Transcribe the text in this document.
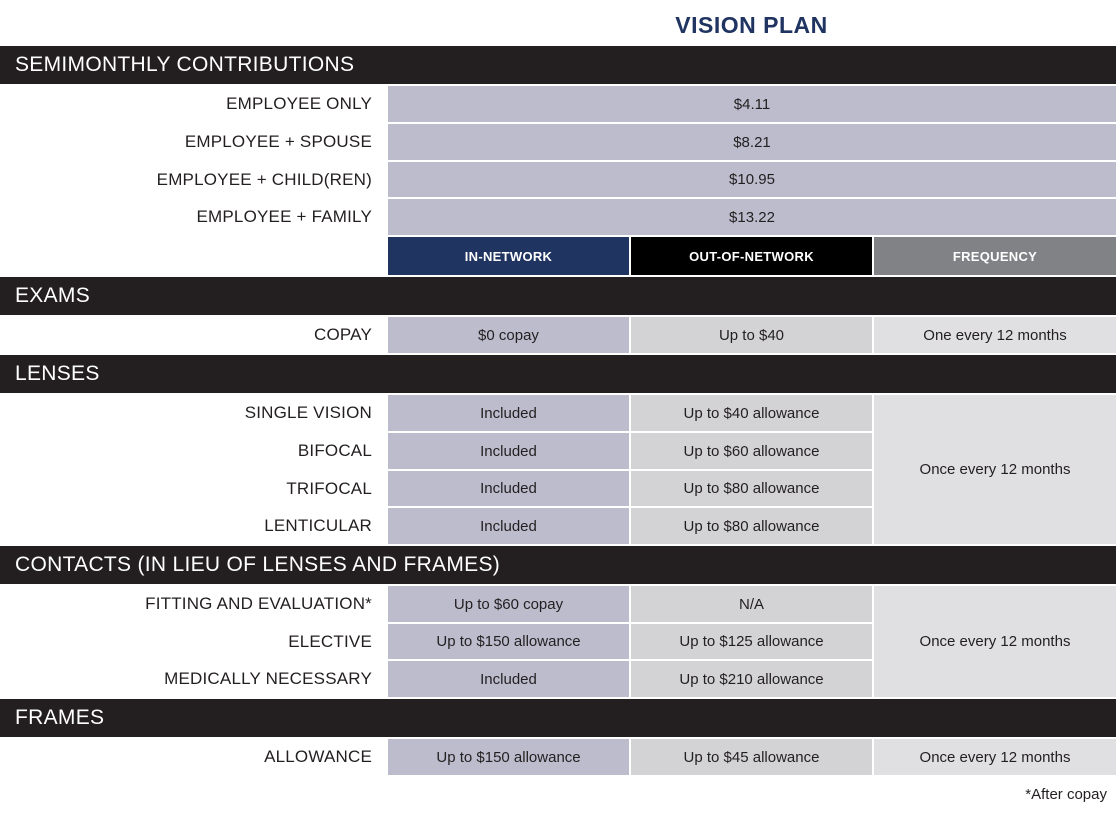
VISION PLAN
SEMIMONTHLY CONTRIBUTIONS
EMPLOYEE ONLY	$4.11
EMPLOYEE + SPOUSE	$8.21
EMPLOYEE + CHILD(REN)	$10.95
EMPLOYEE + FAMILY	$13.22
IN-NETWORK	OUT-OF-NETWORK	FREQUENCY
EXAMS
COPAY	$0 copay	Up to $40	One every 12 months
LENSES
SINGLE VISION	Included	Up to $40 allowance
BIFOCAL	Included	Up to $60 allowance
TRIFOCAL	Included	Up to $80 allowance
LENTICULAR	Included	Up to $80 allowance
Once every 12 months
CONTACTS (IN LIEU OF LENSES AND FRAMES)
FITTING AND EVALUATION*	Up to $60 copay	N/A
ELECTIVE	Up to $150 allowance	Up to $125 allowance
MEDICALLY NECESSARY	Included	Up to $210 allowance
Once every 12 months
FRAMES
ALLOWANCE	Up to $150 allowance	Up to $45 allowance	Once every 12 months
*After copay
